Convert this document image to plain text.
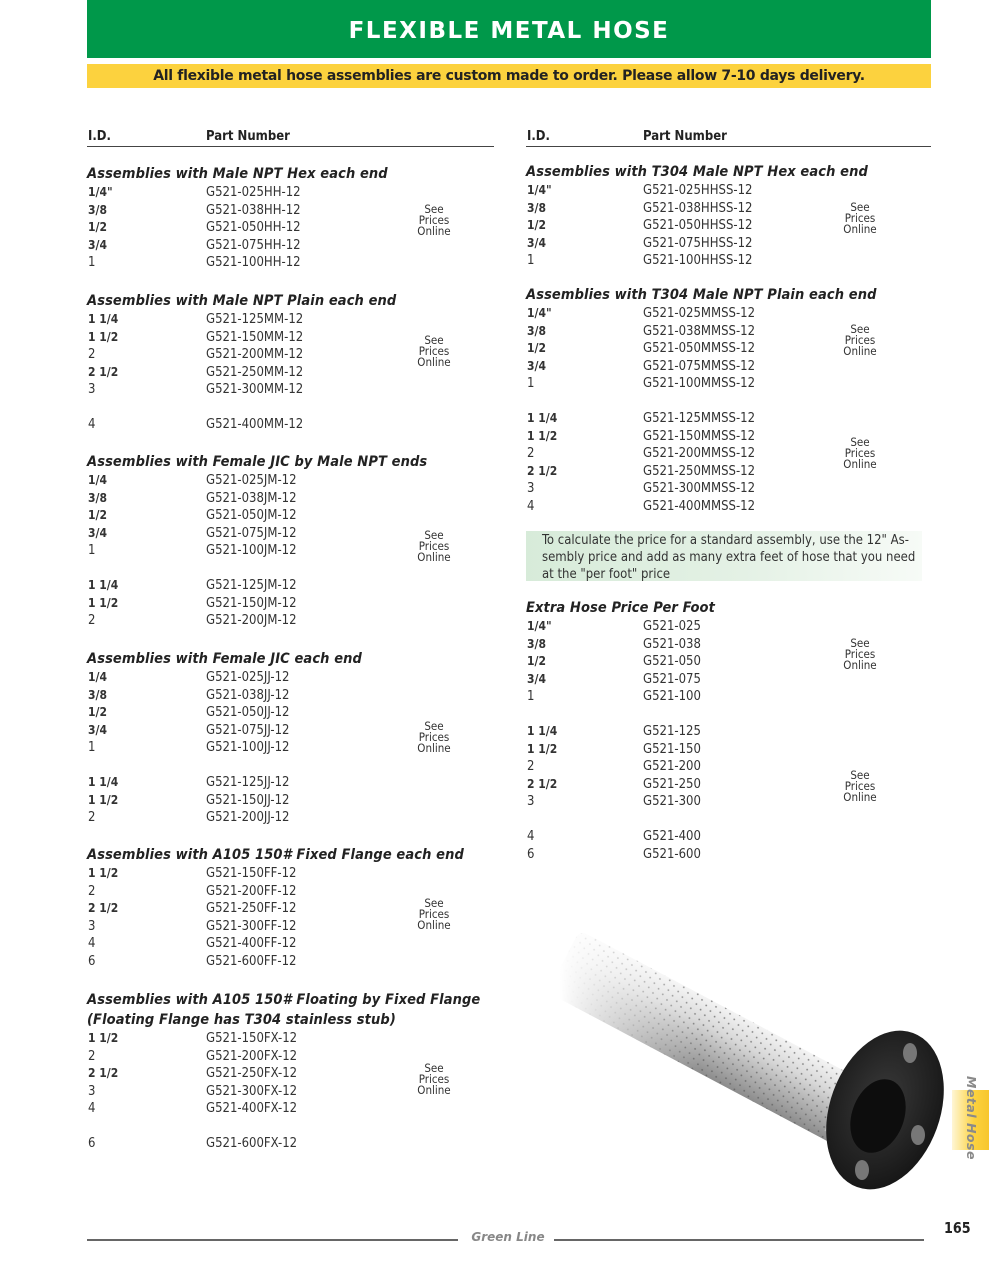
FLEXIBLE METAL HOSE
All flexible metal hose assemblies are custom made to order. Please allow 7-10 days delivery.
I.D.	Part Number
Assemblies with Male NPT Hex each end
1/4"	G521-025HH-12
3/8	G521-038HH-12
1/2	G521-050HH-12
3/4	G521-075HH-12
1	G521-100HH-12
See
Prices
Online
Assemblies with Male NPT Plain each end
1 1/4	G521-125MM-12
1 1/2	G521-150MM-12
2	G521-200MM-12
2 1/2	G521-250MM-12
3	G521-300MM-12
4	G521-400MM-12
See
Prices
Online
Assemblies with Female JIC by Male NPT ends
1/4	G521-025JM-12
3/8	G521-038JM-12
1/2	G521-050JM-12
3/4	G521-075JM-12
1	G521-100JM-12
1 1/4	G521-125JM-12
1 1/2	G521-150JM-12
2	G521-200JM-12
See
Prices
Online
Assemblies with Female JIC each end
1/4	G521-025JJ-12
3/8	G521-038JJ-12
1/2	G521-050JJ-12
3/4	G521-075JJ-12
1	G521-100JJ-12
1 1/4	G521-125JJ-12
1 1/2	G521-150JJ-12
2	G521-200JJ-12
See
Prices
Online
Assemblies with A105 150# Fixed Flange each end
1 1/2	G521-150FF-12
2	G521-200FF-12
2 1/2	G521-250FF-12
3	G521-300FF-12
4	G521-400FF-12
6	G521-600FF-12
See
Prices
Online
Assemblies with A105 150# Floating by Fixed Flange
(Floating Flange has T304 stainless stub)
1 1/2	G521-150FX-12
2	G521-200FX-12
2 1/2	G521-250FX-12
3	G521-300FX-12
4	G521-400FX-12
6	G521-600FX-12
See
Prices
Online
I.D.	Part Number
Assemblies with T304 Male NPT Hex each end
1/4"	G521-025HHSS-12
3/8	G521-038HHSS-12
1/2	G521-050HHSS-12
3/4	G521-075HHSS-12
1	G521-100HHSS-12
See
Prices
Online
Assemblies with T304 Male NPT Plain each end
1/4"	G521-025MMSS-12
3/8	G521-038MMSS-12
1/2	G521-050MMSS-12
3/4	G521-075MMSS-12
1	G521-100MMSS-12
1 1/4	G521-125MMSS-12
1 1/2	G521-150MMSS-12
2	G521-200MMSS-12
2 1/2	G521-250MMSS-12
3	G521-300MMSS-12
4	G521-400MMSS-12
See
Prices
Online
See
Prices
Online
Extra Hose Price Per Foot
1/4"	G521-025
3/8	G521-038
1/2	G521-050
3/4	G521-075
1	G521-100
1 1/4	G521-125
1 1/2	G521-150
2	G521-200
2 1/2	G521-250
3	G521-300
4	G521-400
6	G521-600
See
Prices
Online
See
Prices
Online
To calculate the price for a standard assembly, use the 12" As-
sembly price and add as many extra feet of hose that you need
at the "per foot" price
Metal Hose
Green Line	165
